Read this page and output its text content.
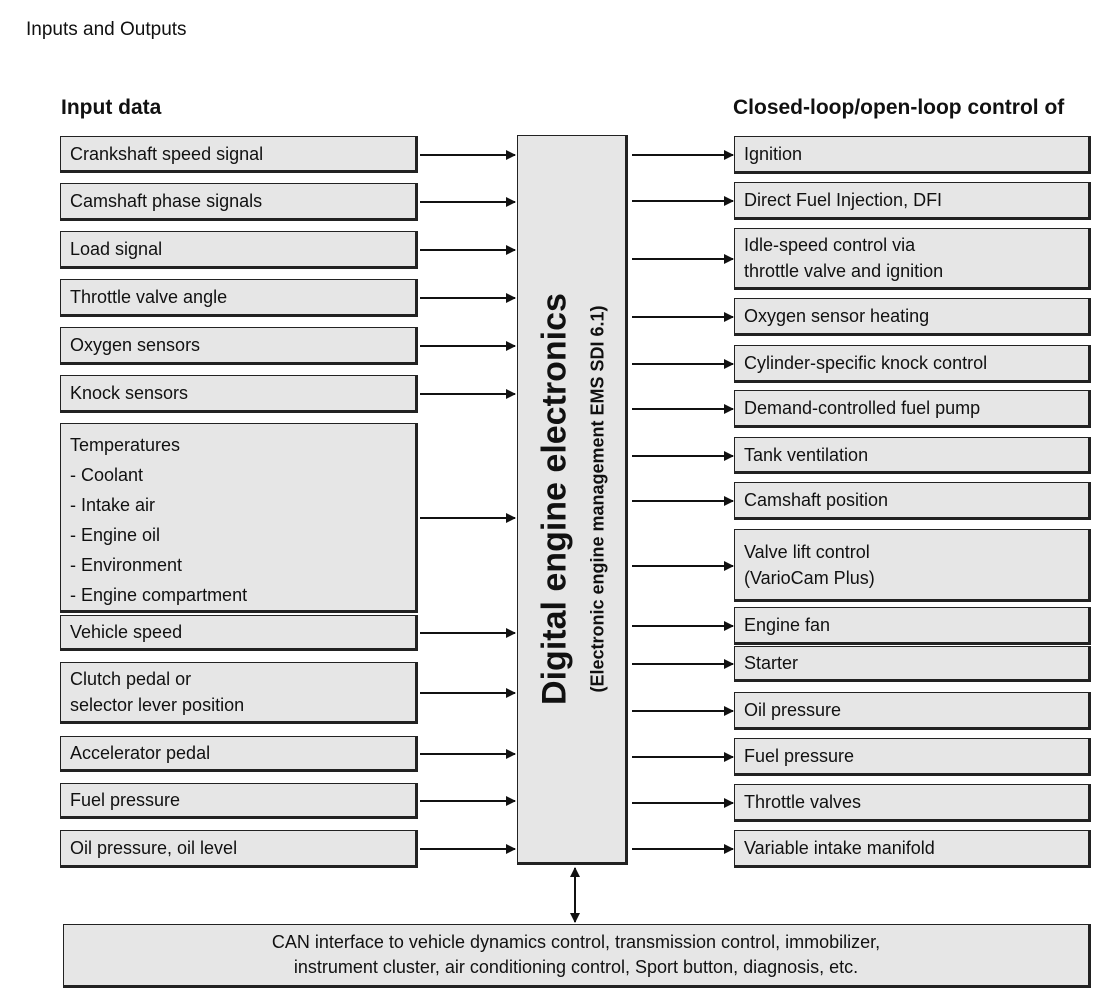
Inputs and Outputs
Input data	Closed-loop/open-loop control of
Crankshaft speed signal
Camshaft phase signals
Load signal
Throttle valve angle
Oxygen sensors
Knock sensors
Temperatures
- Coolant
- Intake air
- Engine oil
- Environment
- Engine compartment
Vehicle speed
Clutch pedal or
selector lever position
Accelerator pedal
Fuel pressure
Oil pressure, oil level
Ignition
Direct Fuel Injection, DFI
Idle-speed control via
throttle valve and ignition
Oxygen sensor heating
Cylinder-specific knock control
Demand-controlled fuel pump
Tank ventilation
Camshaft position
Valve lift control
(VarioCam Plus)
Engine fan
Starter
Oil pressure
Fuel pressure
Throttle valves
Variable intake manifold
Digital engine electronics (Electronic engine management EMS SDI 6.1)
CAN interface to vehicle dynamics control, transmission control, immobilizer,
instrument cluster, air conditioning control, Sport button, diagnosis, etc.
